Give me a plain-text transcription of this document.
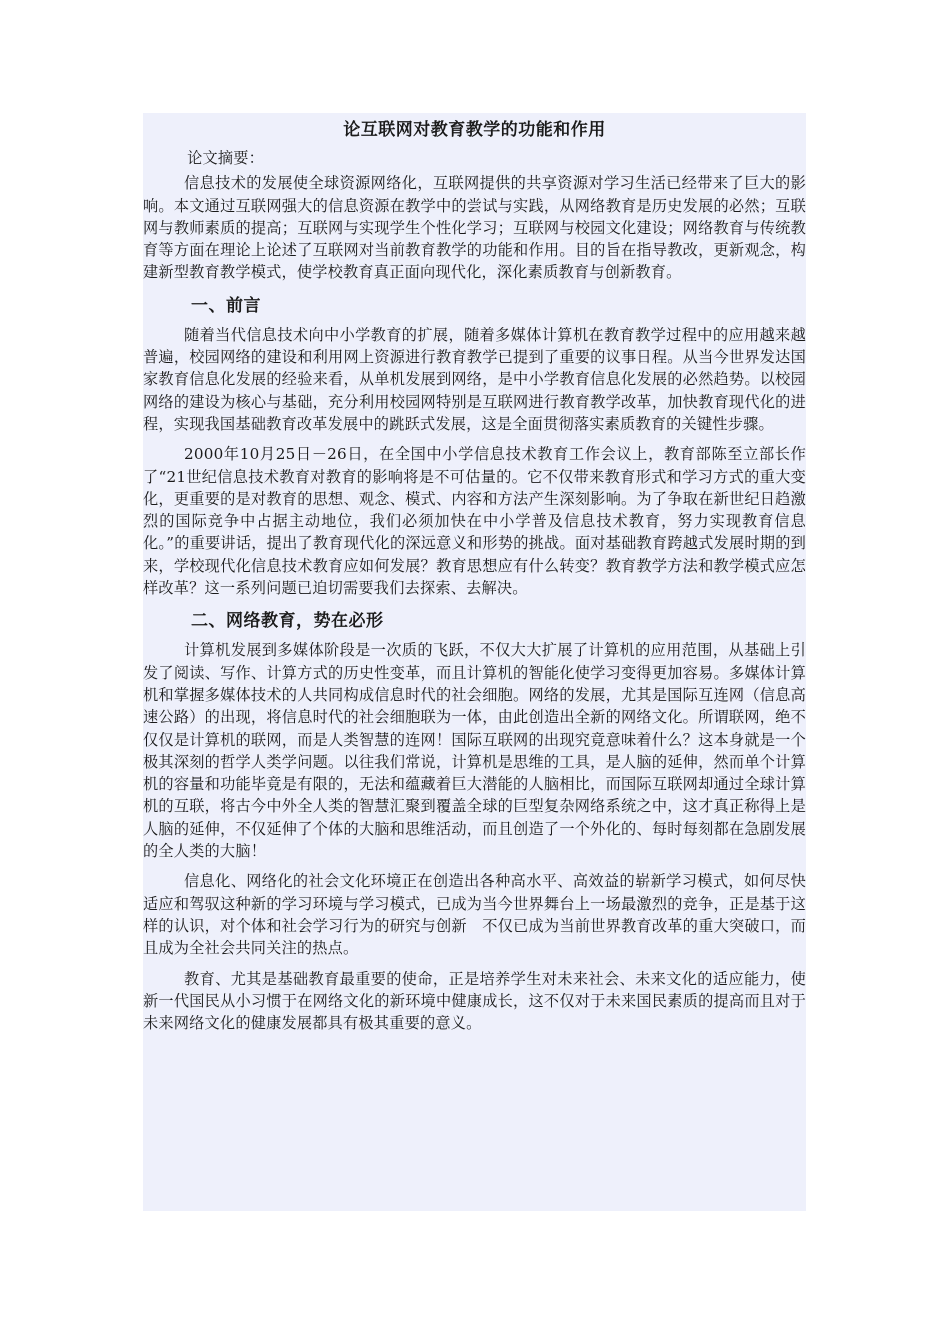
论互联网对教育教学的功能和作用

论文摘要：

信息技术的发展使全球资源网络化，互联网提供的共享资源对学习生活已经带来了巨大的影响。本文通过互联网强大的信息资源在教学中的尝试与实践，从网络教育是历史发展的必然；互联网与教师素质的提高；互联网与实现学生个性化学习；互联网与校园文化建设；网络教育与传统教育等方面在理论上论述了互联网对当前教育教学的功能和作用。目的旨在指导教改，更新观念，构建新型教育教学模式，使学校教育真正面向现代化，深化素质教育与创新教育。

一、前言

随着当代信息技术向中小学教育的扩展，随着多媒体计算机在教育教学过程中的应用越来越普遍，校园网络的建设和利用网上资源进行教育教学已提到了重要的议事日程。从当今世界发达国家教育信息化发展的经验来看，从单机发展到网络，是中小学教育信息化发展的必然趋势。以校园网络的建设为核心与基础，充分利用校园网特别是互联网进行教育教学改革，加快教育现代化的进程，实现我国基础教育改革发展中的跳跃式发展，这是全面贯彻落实素质教育的关键性步骤。

2000年10月25日－26日，在全国中小学信息技术教育工作会议上，教育部陈至立部长作了“21世纪信息技术教育对教育的影响将是不可估量的。它不仅带来教育形式和学习方式的重大变化，更重要的是对教育的思想、观念、模式、内容和方法产生深刻影响。为了争取在新世纪日趋激烈的国际竞争中占据主动地位，我们必须加快在中小学普及信息技术教育，努力实现教育信息化。”的重要讲话，提出了教育现代化的深远意义和形势的挑战。面对基础教育跨越式发展时期的到来，学校现代化信息技术教育应如何发展？教育思想应有什么转变？教育教学方法和教学模式应怎样改革？这一系列问题已迫切需要我们去探索、去解决。

二、网络教育，势在必形

计算机发展到多媒体阶段是一次质的飞跃，不仅大大扩展了计算机的应用范围，从基础上引发了阅读、写作、计算方式的历史性变革，而且计算机的智能化使学习变得更加容易。多媒体计算机和掌握多媒体技术的人共同构成信息时代的社会细胞。网络的发展，尤其是国际互连网（信息高速公路）的出现，将信息时代的社会细胞联为一体，由此创造出全新的网络文化。所谓联网，绝不仅仅是计算机的联网，而是人类智慧的连网！国际互联网的出现究竟意味着什么？这本身就是一个极其深刻的哲学人类学问题。以往我们常说，计算机是思维的工具，是人脑的延伸，然而单个计算机的容量和功能毕竟是有限的，无法和蕴藏着巨大潜能的人脑相比，而国际互联网却通过全球计算机的互联，将古今中外全人类的智慧汇聚到覆盖全球的巨型复杂网络系统之中，这才真正称得上是人脑的延伸，不仅延伸了个体的大脑和思维活动，而且创造了一个外化的、每时每刻都在急剧发展的全人类的大脑！

信息化、网络化的社会文化环境正在创造出各种高水平、高效益的崭新学习模式，如何尽快适应和驾驭这种新的学习环境与学习模式，已成为当今世界舞台上一场最激烈的竞争，正是基于这样的认识，对个体和社会学习行为的研究与创新　不仅已成为当前世界教育改革的重大突破口，而且成为全社会共同关注的热点。

教育、尤其是基础教育最重要的使命，正是培养学生对未来社会、未来文化的适应能力，使新一代国民从小习惯于在网络文化的新环境中健康成长，这不仅对于未来国民素质的提高而且对于未来网络文化的健康发展都具有极其重要的意义。
